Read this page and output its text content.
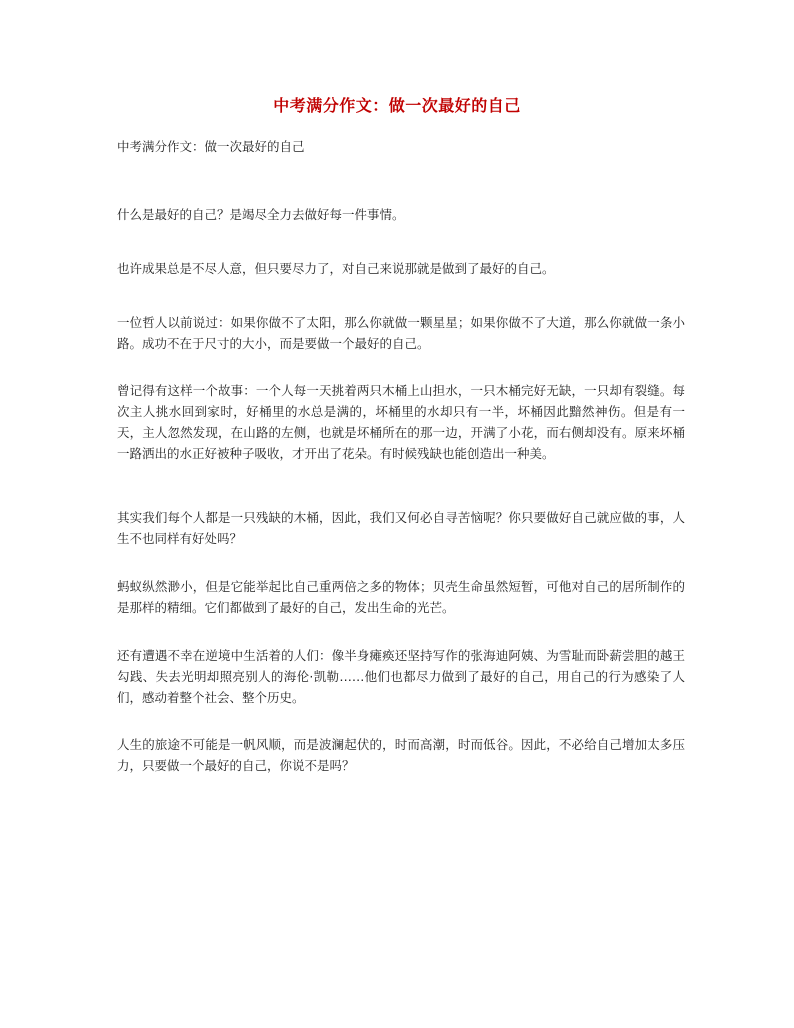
中考满分作文：做一次最好的自己
中考满分作文：做一次最好的自己

什么是最好的自己？是竭尽全力去做好每一件事情。

也许成果总是不尽人意，但只要尽力了，对自己来说那就是做到了最好的自己。

一位哲人以前说过：如果你做不了太阳，那么你就做一颗星星；如果你做不了大道，那么你就做一条小路。成功不在于尺寸的大小，而是要做一个最好的自己。

曾记得有这样一个故事：一个人每一天挑着两只木桶上山担水，一只木桶完好无缺，一只却有裂缝。每次主人挑水回到家时，好桶里的水总是满的，坏桶里的水却只有一半，坏桶因此黯然神伤。但是有一天，主人忽然发现，在山路的左侧，也就是坏桶所在的那一边，开满了小花，而右侧却没有。原来坏桶一路洒出的水正好被种子吸收，才开出了花朵。有时候残缺也能创造出一种美。

其实我们每个人都是一只残缺的木桶，因此，我们又何必自寻苦恼呢？你只要做好自己就应做的事，人生不也同样有好处吗？

蚂蚁纵然渺小，但是它能举起比自己重两倍之多的物体；贝壳生命虽然短暂，可他对自己的居所制作的是那样的精细。它们都做到了最好的自己，发出生命的光芒。

还有遭遇不幸在逆境中生活着的人们：像半身瘫痪还坚持写作的张海迪阿姨、为雪耻而卧薪尝胆的越王勾践、失去光明却照亮别人的海伦·凯勒……他们也都尽力做到了最好的自己，用自己的行为感染了人们，感动着整个社会、整个历史。

人生的旅途不可能是一帆风顺，而是波澜起伏的，时而高潮，时而低谷。因此，不必给自己增加太多压力，只要做一个最好的自己，你说不是吗？
